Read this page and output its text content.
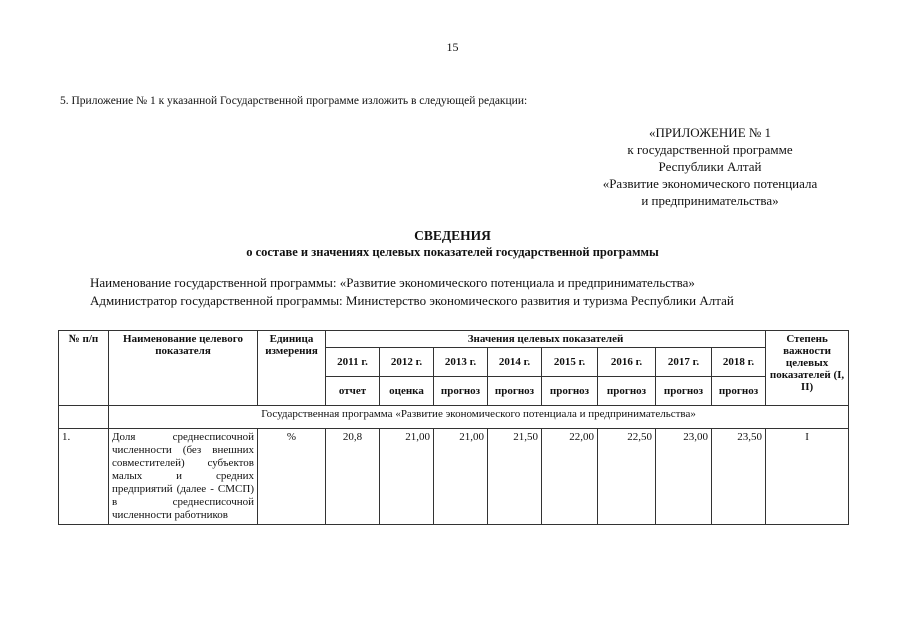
15
5. Приложение № 1 к указанной Государственной программе изложить в следующей редакции:
«ПРИЛОЖЕНИЕ № 1
к государственной программе
Республики Алтай
«Развитие экономического потенциала
и предпринимательства»
СВЕДЕНИЯ
о составе и значениях целевых показателей государственной программы
Наименование государственной программы: «Развитие экономического потенциала и предпринимательства»
Администратор государственной программы: Министерство экономического развития и туризма Республики Алтай
№ п/п	Наименование целевого показателя	Единица измерения	Значения целевых показателей								Степень важности целевых показателей (I, II)
			2011 г.	2012 г.	2013 г.	2014 г.	2015 г.	2016 г.	2017 г.	2018 г.	
			отчет	оценка	прогноз	прогноз	прогноз	прогноз	прогноз	прогноз	
	Государственная программа «Развитие экономического потенциала и предпринимательства»										
1.	Доля среднесписочной численности (без внешних совместителей) субъектов малых и средних предприятий (далее - СМСП) в среднесписочной численности работников	%	20,8	21,00	21,00	21,50	22,00	22,50	23,00	23,50	I
